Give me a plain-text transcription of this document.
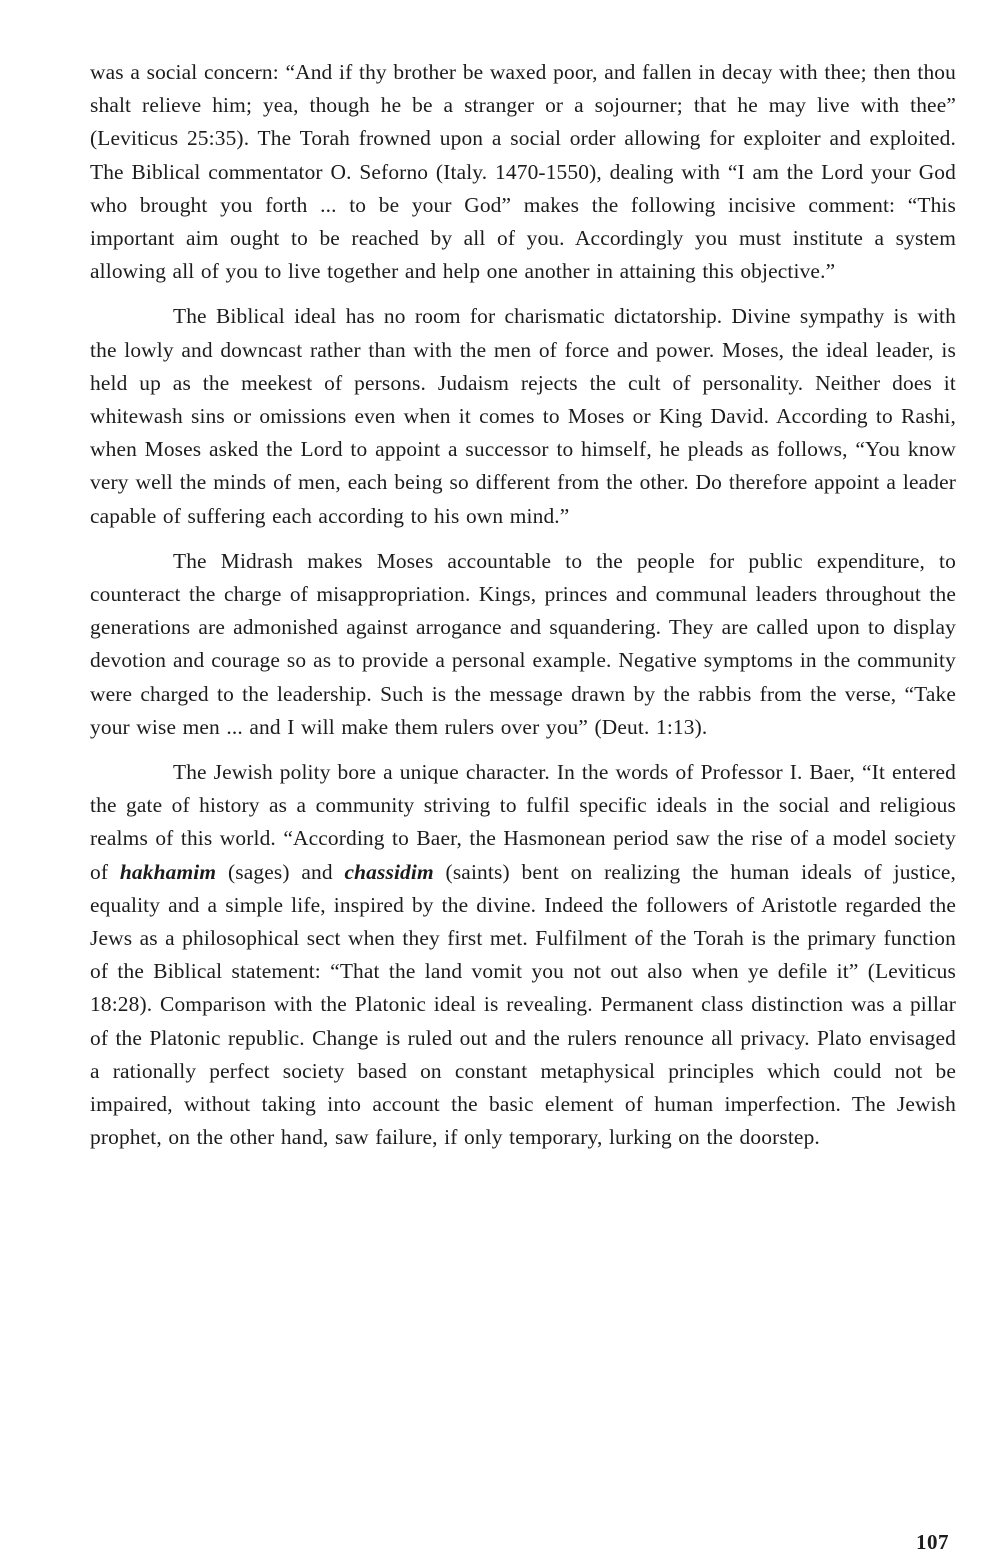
was a social concern: “And if thy brother be waxed poor, and fallen in decay with thee; then thou shalt relieve him; yea, though he be a stranger or a sojourner; that he may live with thee” (Leviticus 25:35). The Torah frowned upon a social order allowing for exploiter and exploited. The Biblical commentator O. Seforno (Italy. 1470-1550), dealing with “I am the Lord your God who brought you forth ... to be your God” makes the following incisive comment: “This important aim ought to be reached by all of you. Accordingly you must institute a system allowing all of you to live together and help one another in attaining this objective.”

The Biblical ideal has no room for charismatic dictatorship. Divine sympathy is with the lowly and downcast rather than with the men of force and power. Moses, the ideal leader, is held up as the meekest of persons. Judaism rejects the cult of personality. Neither does it whitewash sins or omissions even when it comes to Moses or King David. According to Rashi, when Moses asked the Lord to appoint a successor to himself, he pleads as follows, “You know very well the minds of men, each being so different from the other. Do therefore appoint a leader capable of suffering each according to his own mind.”

The Midrash makes Moses accountable to the people for public expenditure, to counteract the charge of misappropriation. Kings, princes and communal leaders throughout the generations are admonished against arrogance and squandering. They are called upon to display devotion and courage so as to provide a personal example. Negative symptoms in the community were charged to the leadership. Such is the message drawn by the rabbis from the verse, “Take your wise men ... and I will make them rulers over you” (Deut. 1:13).

The Jewish polity bore a unique character. In the words of Professor I. Baer, “It entered the gate of history as a community striving to fulfil specific ideals in the social and religious realms of this world. “According to Baer, the Hasmonean period saw the rise of a model society of hakhamim (sages) and chassidim (saints) bent on realizing the human ideals of justice, equality and a simple life, inspired by the divine. Indeed the followers of Aristotle regarded the Jews as a philosophical sect when they first met. Fulfilment of the Torah is the primary function of the Biblical statement: “That the land vomit you not out also when ye defile it” (Leviticus 18:28). Comparison with the Platonic ideal is revealing. Permanent class distinction was a pillar of the Platonic republic. Change is ruled out and the rulers renounce all privacy. Plato envisaged a rationally perfect society based on constant metaphysical principles which could not be impaired, without taking into account the basic element of human imperfection. The Jewish prophet, on the other hand, saw failure, if only temporary, lurking on the doorstep.

107
